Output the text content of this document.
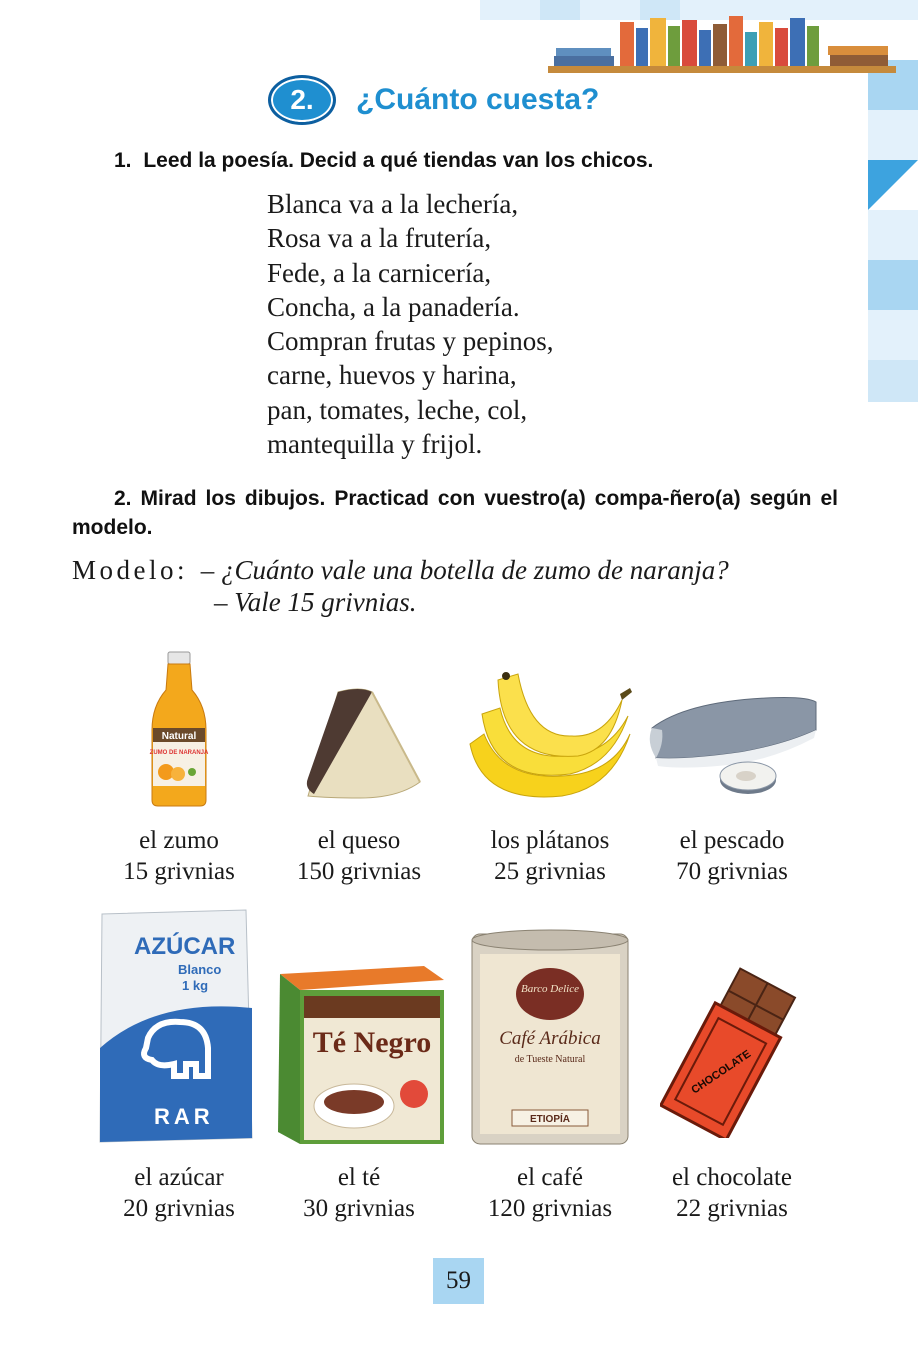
2.	¿Cuánto cuesta?
1. Leed la poesía. Decid a qué tiendas van los chicos.
Blanca va a la lechería,
Rosa va a la frutería,
Fede, a la carnicería,
Concha, a la panadería.
Compran frutas y pepinos,
carne, huevos y harina,
pan, tomates, leche, col,
mantequilla y frijol.
2. Mirad los dibujos. Practicad con vuestro(a) compa-ñero(a) según el modelo.
Modelo: – ¿Cuánto vale una botella de zumo de naranja?
– Vale 15 grivnias.
Natural
ZUMO DE NARANJA
el zumo
15 grivnias
el queso
150 grivnias
los plátanos
25 grivnias
el pescado
70 grivnias
AZÚCAR
Blanco
1 kg
RAR
Té Negro
Barco Delice
Café Arábica
de Tueste Natural
ETIOPÍA
CHOCOLATE
el azúcar
20 grivnias
el té
30 grivnias
el café
120 grivnias
el chocolate
22 grivnias
59
